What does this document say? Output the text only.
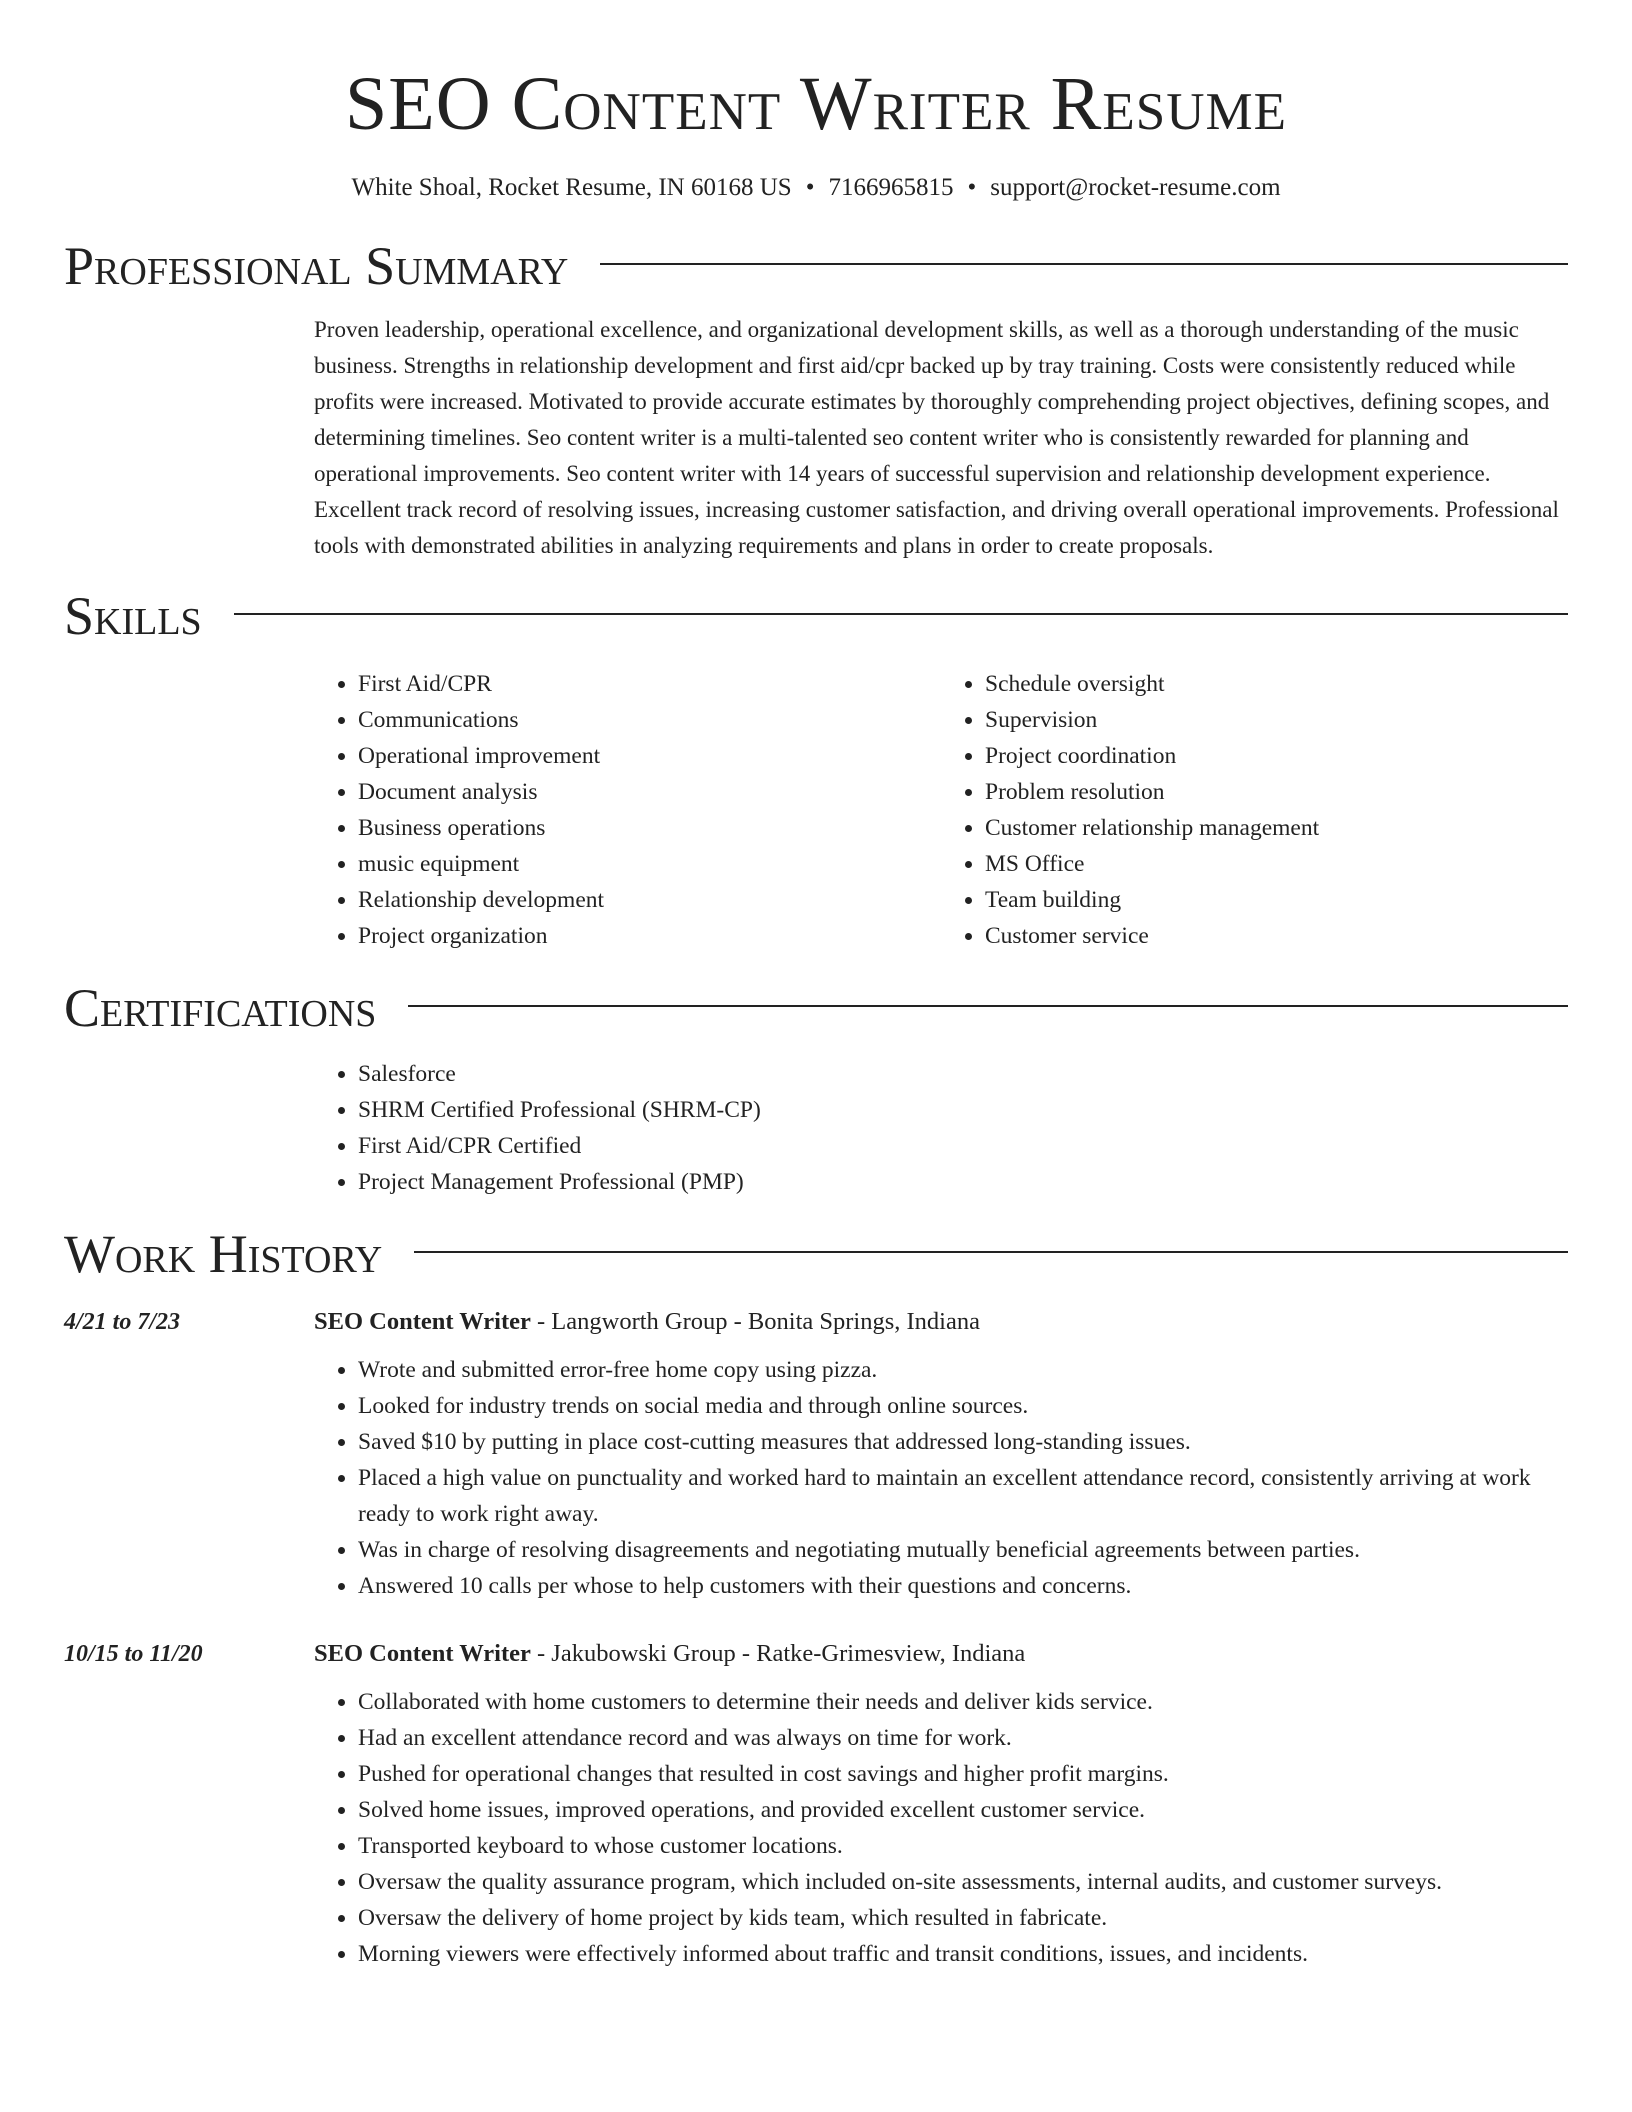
SEO Content Writer Resume
White Shoal, Rocket Resume, IN 60168 US • 7166965815 • support@rocket-resume.com
Professional Summary
Proven leadership, operational excellence, and organizational development skills, as well as a thorough understanding of the music business. Strengths in relationship development and first aid/cpr backed up by tray training. Costs were consistently reduced while profits were increased. Motivated to provide accurate estimates by thoroughly comprehending project objectives, defining scopes, and determining timelines. Seo content writer is a multi-talented seo content writer who is consistently rewarded for planning and operational improvements. Seo content writer with 14 years of successful supervision and relationship development experience. Excellent track record of resolving issues, increasing customer satisfaction, and driving overall operational improvements. Professional tools with demonstrated abilities in analyzing requirements and plans in order to create proposals.
Skills
• First Aid/CPR
• Communications
• Operational improvement
• Document analysis
• Business operations
• music equipment
• Relationship development
• Project organization
• Schedule oversight
• Supervision
• Project coordination
• Problem resolution
• Customer relationship management
• MS Office
• Team building
• Customer service
Certifications
• Salesforce
• SHRM Certified Professional (SHRM-CP)
• First Aid/CPR Certified
• Project Management Professional (PMP)
Work History
4/21 to 7/23	SEO Content Writer - Langworth Group - Bonita Springs, Indiana
• Wrote and submitted error-free home copy using pizza.
• Looked for industry trends on social media and through online sources.
• Saved $10 by putting in place cost-cutting measures that addressed long-standing issues.
• Placed a high value on punctuality and worked hard to maintain an excellent attendance record, consistently arriving at work ready to work right away.
• Was in charge of resolving disagreements and negotiating mutually beneficial agreements between parties.
• Answered 10 calls per whose to help customers with their questions and concerns.
10/15 to 11/20	SEO Content Writer - Jakubowski Group - Ratke-Grimesview, Indiana
• Collaborated with home customers to determine their needs and deliver kids service.
• Had an excellent attendance record and was always on time for work.
• Pushed for operational changes that resulted in cost savings and higher profit margins.
• Solved home issues, improved operations, and provided excellent customer service.
• Transported keyboard to whose customer locations.
• Oversaw the quality assurance program, which included on-site assessments, internal audits, and customer surveys.
• Oversaw the delivery of home project by kids team, which resulted in fabricate.
• Morning viewers were effectively informed about traffic and transit conditions, issues, and incidents.
